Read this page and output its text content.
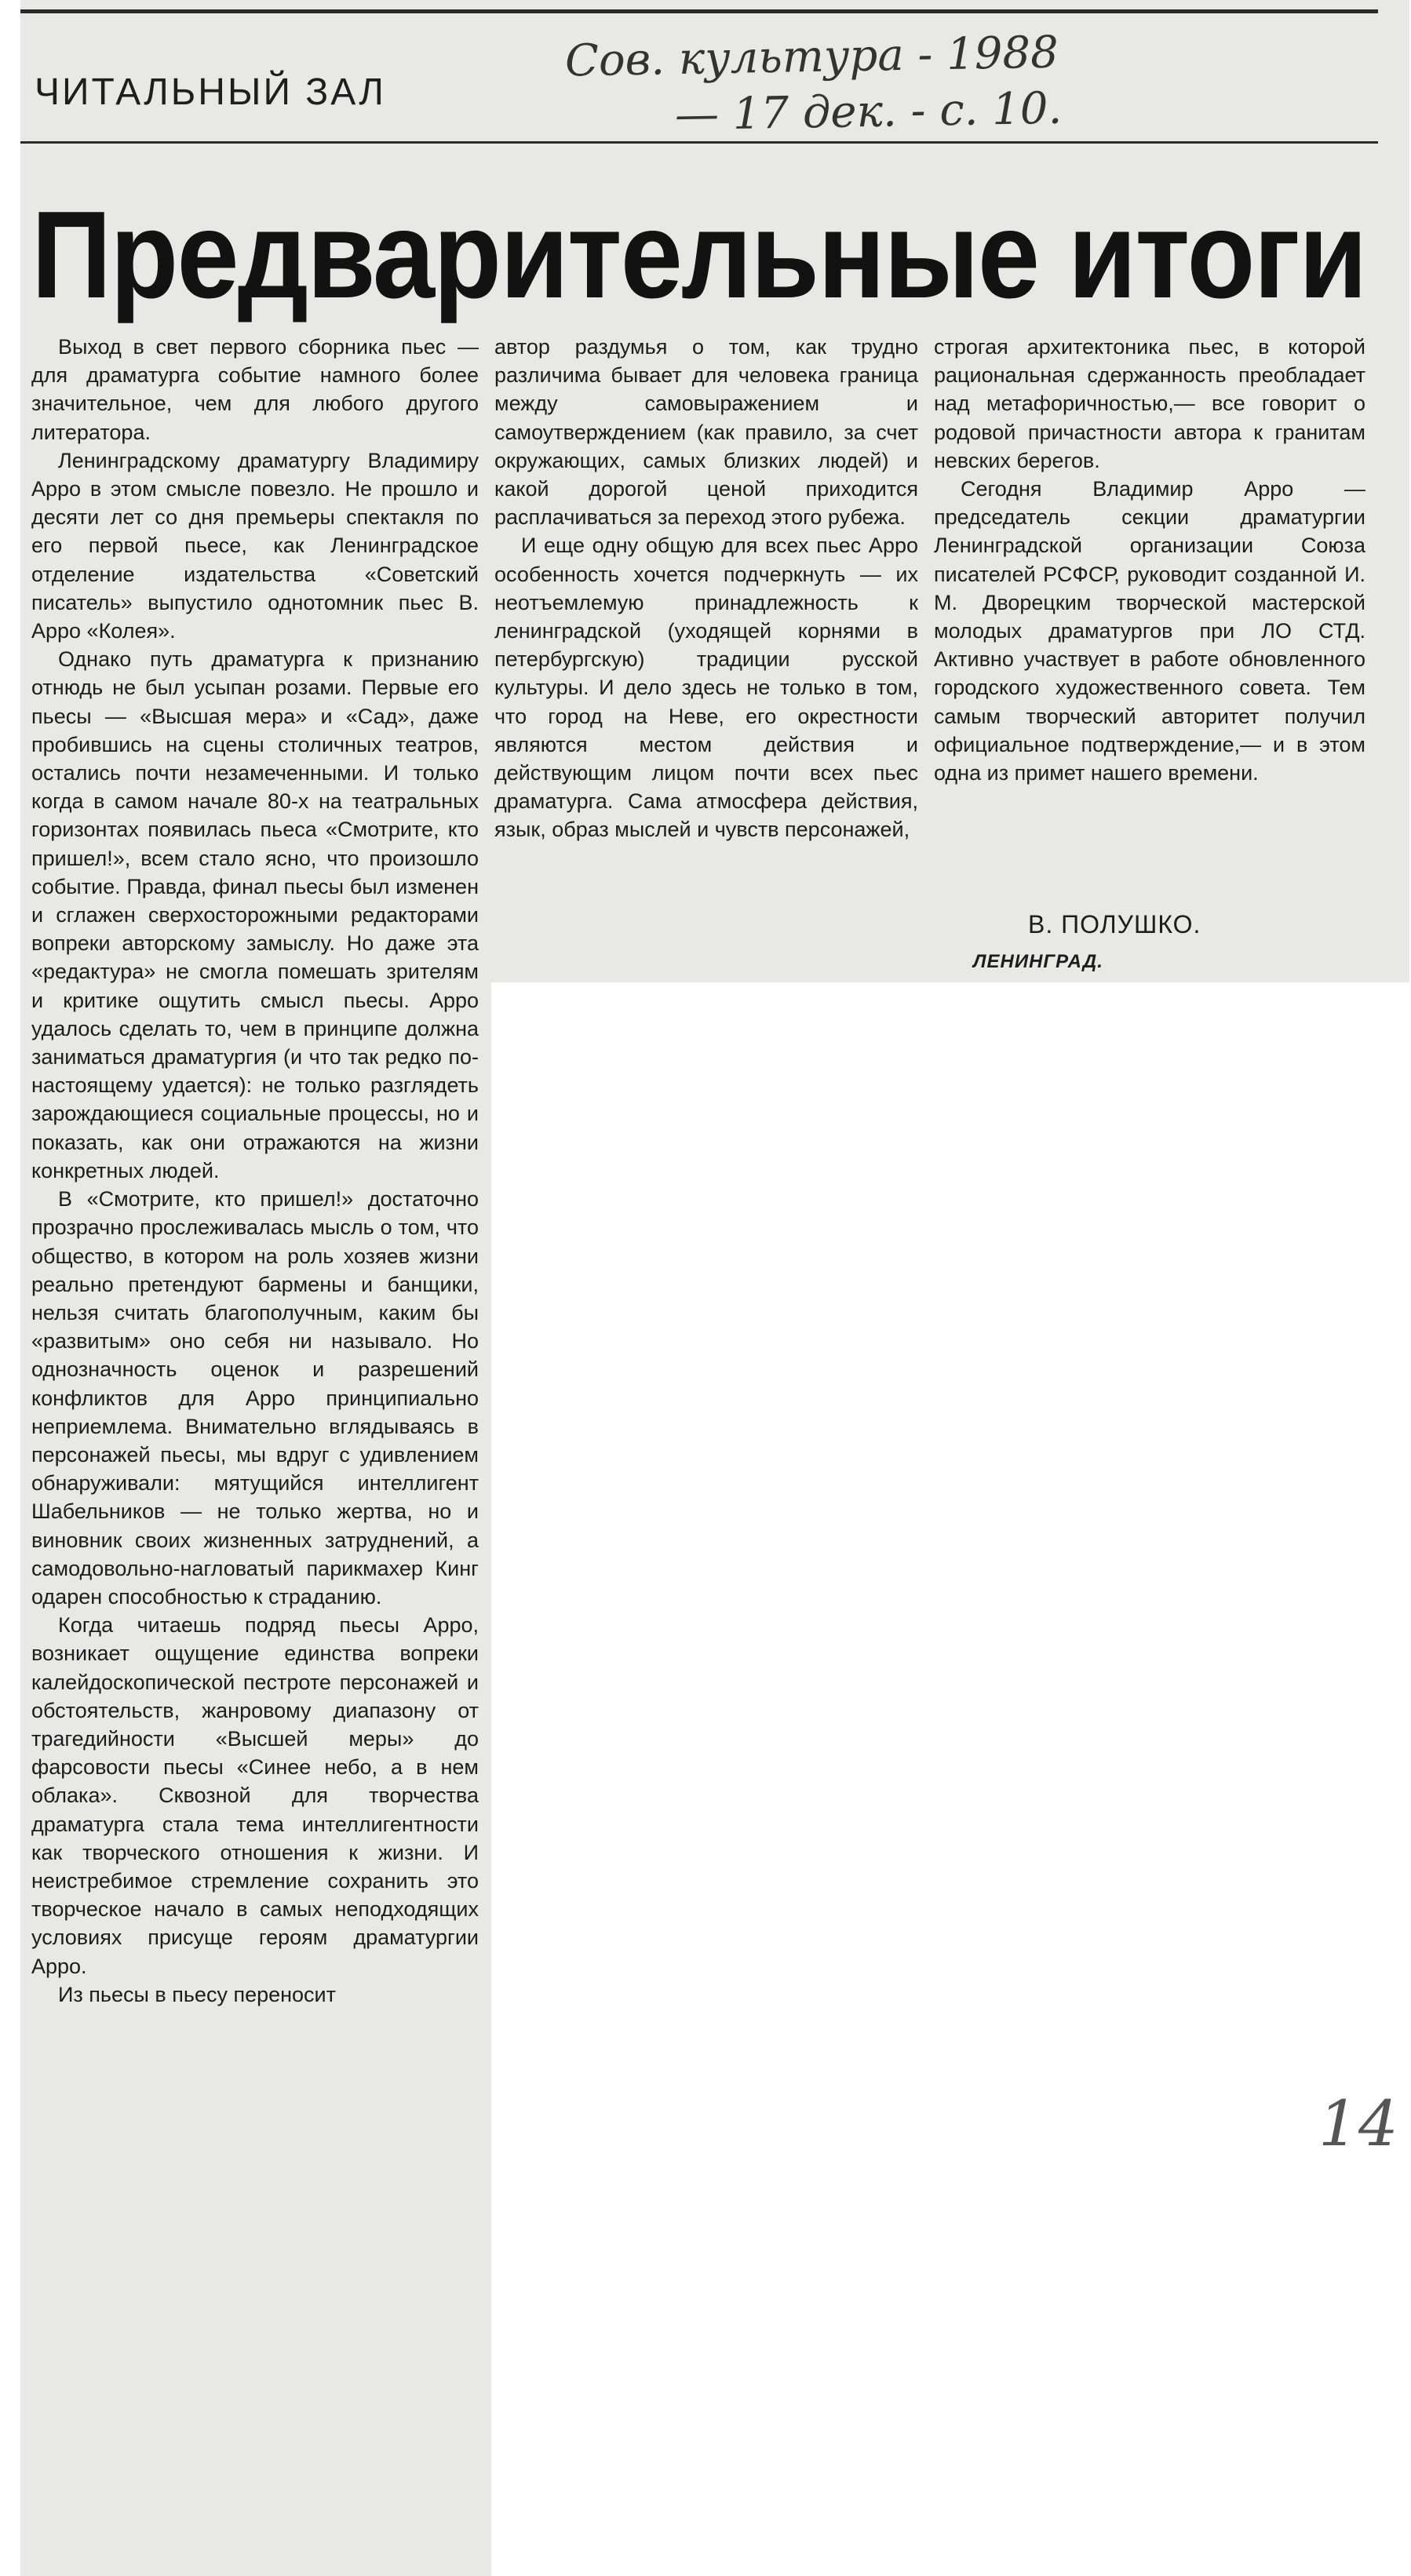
ЧИТАЛЬНЫЙ ЗАЛ
Сов. культура - 1988
— 17 дек. - с. 10.
Предварительные итоги

Выход в свет первого сборника пьес — для драматурга событие намного более значительное, чем для любого другого литератора.

Ленинградскому драматургу Владимиру Арро в этом смысле повезло. Не прошло и десяти лет со дня премьеры спектакля по его первой пьесе, как Ленинградское отделение издательства «Советский писатель» выпустило однотомник пьес В. Арро «Колея».

Однако путь драматурга к признанию отнюдь не был усыпан розами. Первые его пьесы — «Высшая мера» и «Сад», даже пробившись на сцены столичных театров, остались почти незамеченными. И только когда в самом начале 80-х на театральных горизонтах появилась пьеса «Смотрите, кто пришел!», всем стало ясно, что произошло событие. Правда, финал пьесы был изменен и сглажен сверхосторожными редакторами вопреки авторскому замыслу. Но даже эта «редактура» не смогла помешать зрителям и критике ощутить смысл пьесы. Арро удалось сделать то, чем в принципе должна заниматься драматургия (и что так редко по-настоящему удается): не только разглядеть зарождающиеся социальные процессы, но и показать, как они отражаются на жизни конкретных людей.

В «Смотрите, кто пришел!» достаточно прозрачно прослеживалась мысль о том, что общество, в котором на роль хозяев жизни реально претендуют бармены и банщики, нельзя считать благополучным, каким бы «развитым» оно себя ни называло. Но однозначность оценок и разрешений конфликтов для Арро принципиально неприемлема. Внимательно вглядываясь в персонажей пьесы, мы вдруг с удивлением обнаруживали: мятущийся интеллигент Шабельников — не только жертва, но и виновник своих жизненных затруднений, а самодовольно-нагловатый парикмахер Кинг одарен способностью к страданию.

Когда читаешь подряд пьесы Арро, возникает ощущение единства вопреки калейдоскопической пестроте персонажей и обстоятельств, жанровому диапазону от трагедийности «Высшей меры» до фарсовости пьесы «Синее небо, а в нем облака». Сквозной для творчества драматурга стала тема интеллигентности как творческого отношения к жизни. И неистребимое стремление сохранить это творческое начало в самых неподходящих условиях присуще героям драматургии Арро.

Из пьесы в пьесу переносит

автор раздумья о том, как трудно различима бывает для человека граница между самовыражением и самоутверждением (как правило, за счет окружающих, самых близких людей) и какой дорогой ценой приходится расплачиваться за переход этого рубежа.

И еще одну общую для всех пьес Арро особенность хочется подчеркнуть — их неотъемлемую принадлежность к ленинградской (уходящей корнями в петербургскую) традиции русской культуры. И дело здесь не только в том, что город на Неве, его окрестности являются местом действия и действующим лицом почти всех пьес драматурга. Сама атмосфера действия, язык, образ мыслей и чувств персонажей,

строгая архитектоника пьес, в которой рациональная сдержанность преобладает над метафоричностью,— все говорит о родовой причастности автора к гранитам невских берегов.

Сегодня Владимир Арро — председатель секции драматургии Ленинградской организации Союза писателей РСФСР, руководит созданной И. М. Дворецким творческой мастерской молодых драматургов при ЛО СТД. Активно участвует в работе обновленного городского художественного совета. Тем самым творческий авторитет получил официальное подтверждение,— и в этом одна из примет нашего времени.

В. ПОЛУШКО.
ЛЕНИНГРАД.
14
